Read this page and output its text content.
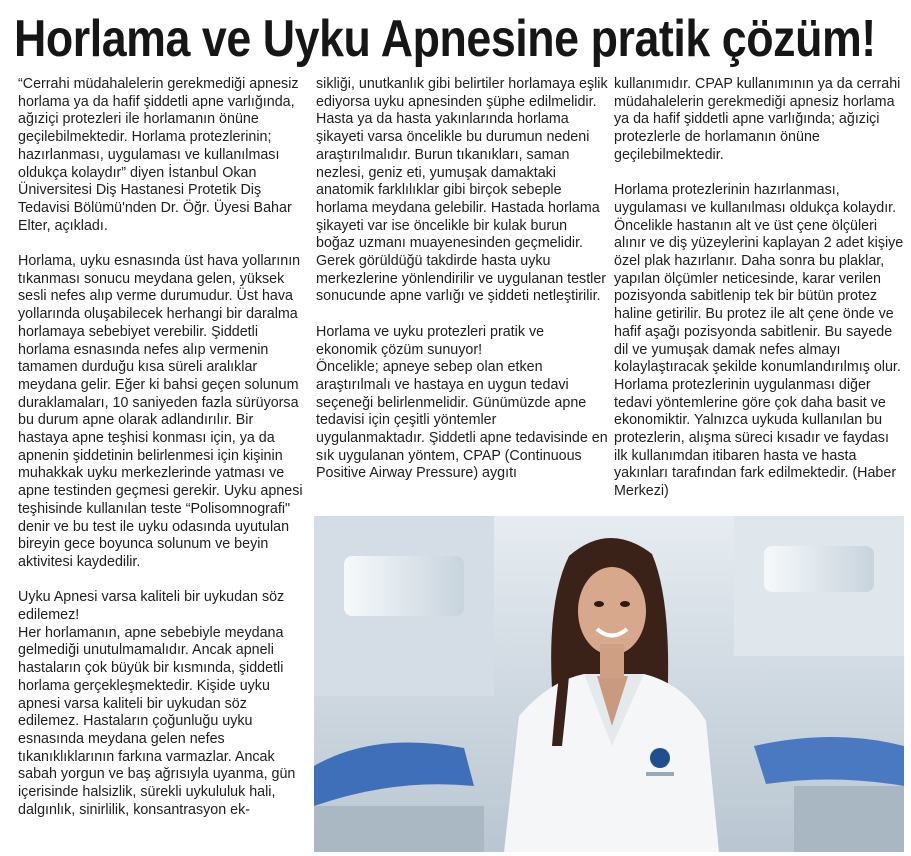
Horlama ve Uyku Apnesine pratik çözüm!

“Cerrahi müdahalelerin gerekmediği apnesiz horlama ya da hafif şiddetli apne varlığında, ağıziçi protezleri ile horlamanın önüne geçilebilmektedir. Horlama protezlerinin; hazırlanması, uygulaması ve kullanılması oldukça kolaydır” diyen İstanbul Okan Üniversitesi Diş Hastanesi Protetik Diş Tedavisi Bölümü'nden Dr. Öğr. Üyesi Bahar Elter, açıkladı.

Horlama, uyku esnasında üst hava yollarının tıkanması sonucu meydana gelen, yüksek sesli nefes alıp verme durumudur. Üst hava yollarında oluşabilecek herhangi bir daralma horlamaya sebebiyet verebilir. Şiddetli horlama esnasında nefes alıp vermenin tamamen durduğu kısa süreli aralıklar meydana gelir. Eğer ki bahsi geçen solunum duraklamaları, 10 saniyeden fazla sürüyorsa bu durum apne olarak adlandırılır. Bir hastaya apne teşhisi konması için, ya da apnenin şiddetinin belirlenmesi için kişinin muhakkak uyku merkezlerinde yatması ve apne testinden geçmesi gerekir. Uyku apnesi teşhisinde kullanılan teste “Polisomnografi" denir ve bu test ile uyku odasında uyutulan bireyin gece boyunca solunum ve beyin aktivitesi kaydedilir.

Uyku Apnesi varsa kaliteli bir uykudan söz edilemez!

Her horlamanın, apne sebebiyle meydana gelmediği unutulmamalıdır. Ancak apneli hastaların çok büyük bir kısmında, şiddetli horlama gerçekleşmektedir. Kişide uyku apnesi varsa kaliteli bir uykudan söz edilemez. Hastaların çoğunluğu uyku esnasında meydana gelen nefes tıkanıklıklarının farkına varmazlar. Ancak sabah yorgun ve baş ağrısıyla uyanma, gün içerisinde halsizlik, sürekli uykululuk hali, dalgınlık, sinirlilik, konsantrasyon ek-

sikliği, unutkanlık gibi belirtiler horlamaya eşlik ediyorsa uyku apnesinden şüphe edilmelidir. Hasta ya da hasta yakınlarında horlama şikayeti varsa öncelikle bu durumun nedeni araştırılmalıdır. Burun tıkanıkları, saman nezlesi, geniz eti, yumuşak damaktaki anatomik farklılıklar gibi birçok sebeple horlama meydana gelebilir. Hastada horlama şikayeti var ise öncelikle bir kulak burun boğaz uzmanı muayenesinden geçmelidir. Gerek görüldüğü takdirde hasta uyku merkezlerine yönlendirilir ve uygulanan testler sonucunde apne varlığı ve şiddeti netleştirilir.

Horlama ve uyku protezleri pratik ve ekonomik çözüm sunuyor!

Öncelikle; apneye sebep olan etken araştırılmalı ve hastaya en uygun tedavi seçeneği belirlenmelidir. Günümüzde apne tedavisi için çeşitli yöntemler uygulanmaktadır. Şiddetli apne tedavisinde en sık uygulanan yöntem, CPAP (Continuous Positive Airway Pressure) aygıtı

kullanımıdır. CPAP kullanımının ya da cerrahi müdahalelerin gerekmediği apnesiz horlama ya da hafif şiddetli apne varlığında; ağıziçi protezlerle de horlamanın önüne geçilebilmektedir.

Horlama protezlerinin hazırlanması, uygulaması ve kullanılması oldukça kolaydır. Öncelikle hastanın alt ve üst çene ölçüleri alınır ve diş yüzeylerini kaplayan 2 adet kişiye özel plak hazırlanır. Daha sonra bu plaklar, yapılan ölçümler neticesinde, karar verilen pozisyonda sabitlenip tek bir bütün protez haline getirilir. Bu protez ile alt çene önde ve hafif aşağı pozisyonda sabitlenir. Bu sayede dil ve yumuşak damak nefes almayı kolaylaştıracak şekilde konumlandırılmış olur. Horlama protezlerinin uygulanması diğer tedavi yöntemlerine göre çok daha basit ve ekonomiktir. Yalnızca uykuda kullanılan bu protezlerin, alışma süreci kısadır ve faydası ilk kullanımdan itibaren hasta ve hasta yakınları tarafından fark edilmektedir. (Haber Merkezi)
